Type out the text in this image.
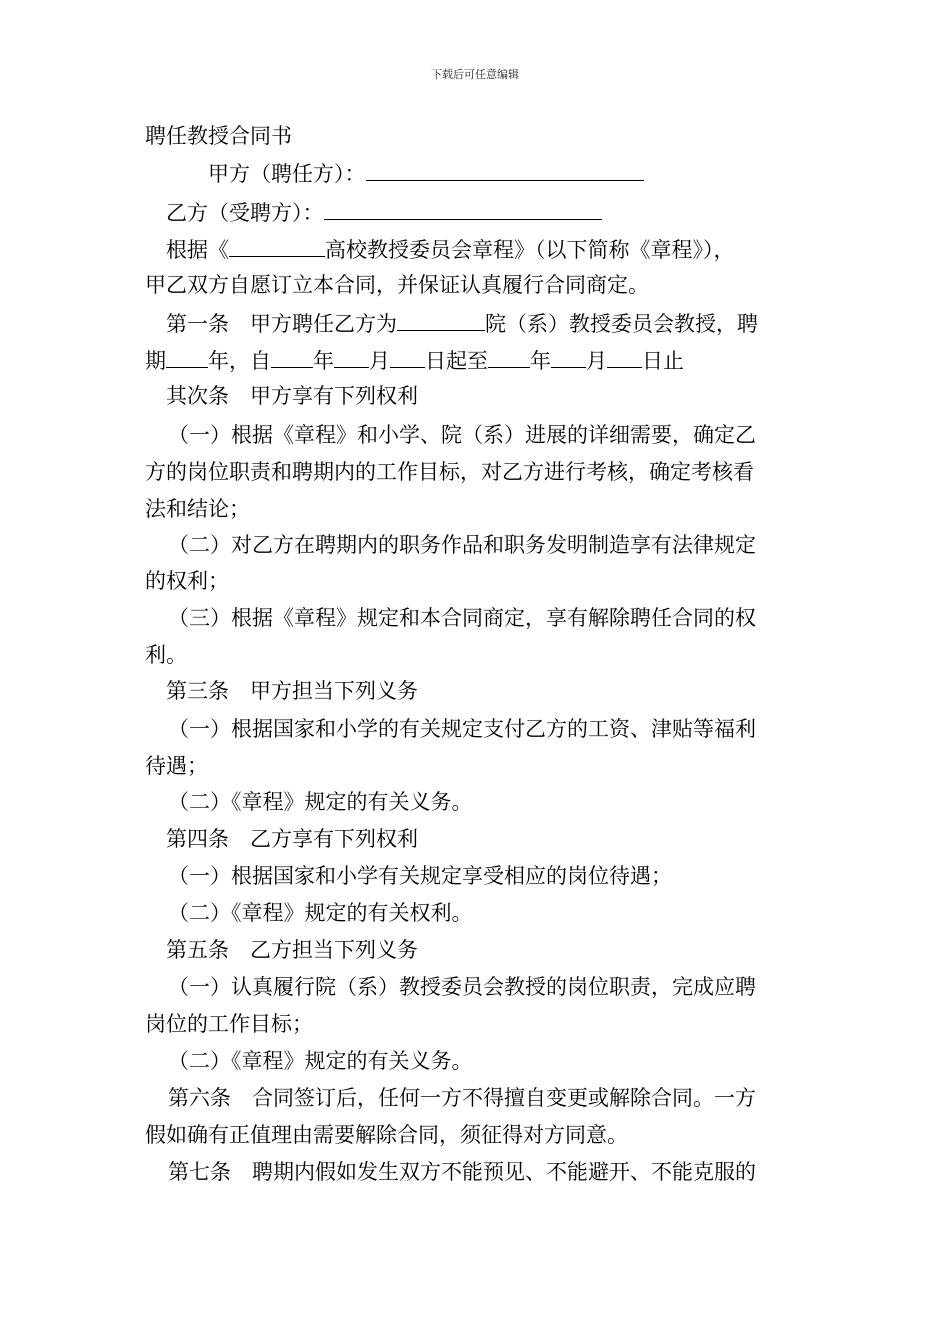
下载后可任意编辑
聘任教授合同书
甲方（聘任方）：
乙方（受聘方）：
根据《	高校教授委员会章程》（以下简称《章程》），
甲乙双方自愿订立本合同，并保证认真履行合同商定。
第一条　甲方聘任乙方为	院（系）教授委员会教授，聘
期 年，自 年 月 日起至 年 月 日止
其次条　甲方享有下列权利
（一）根据《章程》和小学、院（系）进展的详细需要，确定乙
方的岗位职责和聘期内的工作目标，对乙方进行考核，确定考核看
法和结论；
（二）对乙方在聘期内的职务作品和职务发明制造享有法律规定
的权利；
（三）根据《章程》规定和本合同商定，享有解除聘任合同的权
利。
第三条　甲方担当下列义务
（一）根据国家和小学的有关规定支付乙方的工资、津贴等福利
待遇；
（二）《章程》规定的有关义务。
第四条　乙方享有下列权利
（一）根据国家和小学有关规定享受相应的岗位待遇；
（二）《章程》规定的有关权利。
第五条　乙方担当下列义务
（一）认真履行院（系）教授委员会教授的岗位职责，完成应聘
岗位的工作目标；
（二）《章程》规定的有关义务。
第六条　合同签订后，任何一方不得擅自变更或解除合同。一方
假如确有正值理由需要解除合同，须征得对方同意。
第七条　聘期内假如发生双方不能预见、不能避开、不能克服的
